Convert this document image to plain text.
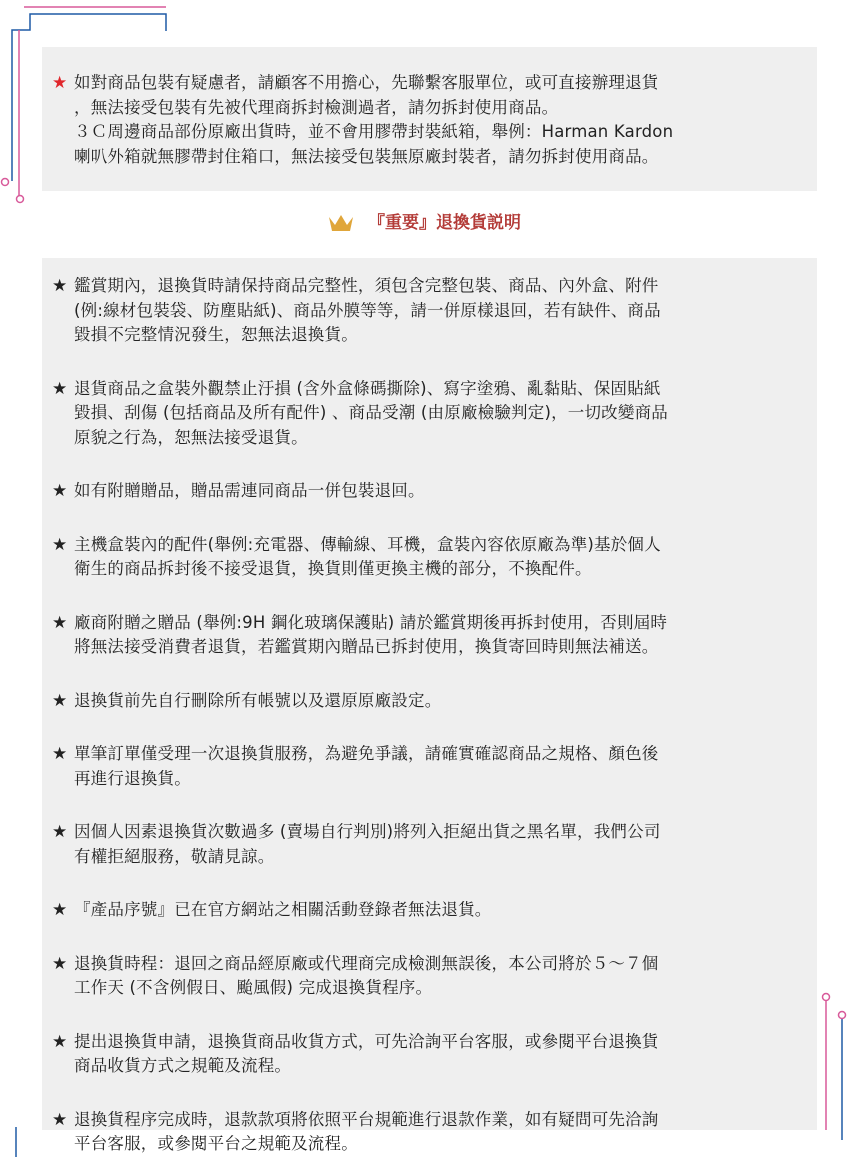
★ 如對商品包裝有疑慮者，請顧客不用擔心，先聯繫客服單位，或可直接辦理退貨
，無法接受包裝有先被代理商拆封檢測過者，請勿拆封使用商品。
３Ｃ周邊商品部份原廠出貨時，並不會用膠帶封裝紙箱，舉例：Harman Kardon
喇叭外箱就無膠帶封住箱口，無法接受包裝無原廠封裝者，請勿拆封使用商品。
『重要』退換貨説明
★ 鑑賞期內，退換貨時請保持商品完整性，須包含完整包裝、商品、內外盒、附件
(例:線材包裝袋、防塵貼紙)、商品外膜等等，請一併原樣退回，若有缺件、商品
毀損不完整情況發生，恕無法退換貨。
★ 退貨商品之盒裝外觀禁止汙損 (含外盒條碼撕除)、寫字塗鴉、亂黏貼、保固貼紙
毀損、刮傷 (包括商品及所有配件) 、商品受潮 (由原廠檢驗判定)，一切改變商品
原貌之行為，恕無法接受退貨。
★ 如有附贈贈品，贈品需連同商品一併包裝退回。
★ 主機盒裝內的配件(舉例:充電器、傳輸線、耳機，盒裝內容依原廠為準)基於個人
衛生的商品拆封後不接受退貨，換貨則僅更換主機的部分，不換配件。
★ 廠商附贈之贈品 (舉例:9H 鋼化玻璃保護貼) 請於鑑賞期後再拆封使用，否則屆時
將無法接受消費者退貨，若鑑賞期內贈品已拆封使用，換貨寄回時則無法補送。
★ 退換貨前先自行刪除所有帳號以及還原原廠設定。
★ 單筆訂單僅受理一次退換貨服務，為避免爭議，請確實確認商品之規格、顏色後
再進行退換貨。
★ 因個人因素退換貨次數過多 (賣場自行判別)將列入拒絕出貨之黑名單，我們公司
有權拒絕服務，敬請見諒。
★ 『產品序號』已在官方網站之相關活動登錄者無法退貨。
★ 退換貨時程：退回之商品經原廠或代理商完成檢測無誤後，本公司將於５～７個
工作天 (不含例假日、颱風假) 完成退換貨程序。
★ 提出退換貨申請，退換貨商品收貨方式，可先洽詢平台客服，或參閱平台退換貨
商品收貨方式之規範及流程。
★ 退換貨程序完成時，退款款項將依照平台規範進行退款作業，如有疑問可先洽詢
平台客服，或參閱平台之規範及流程。
